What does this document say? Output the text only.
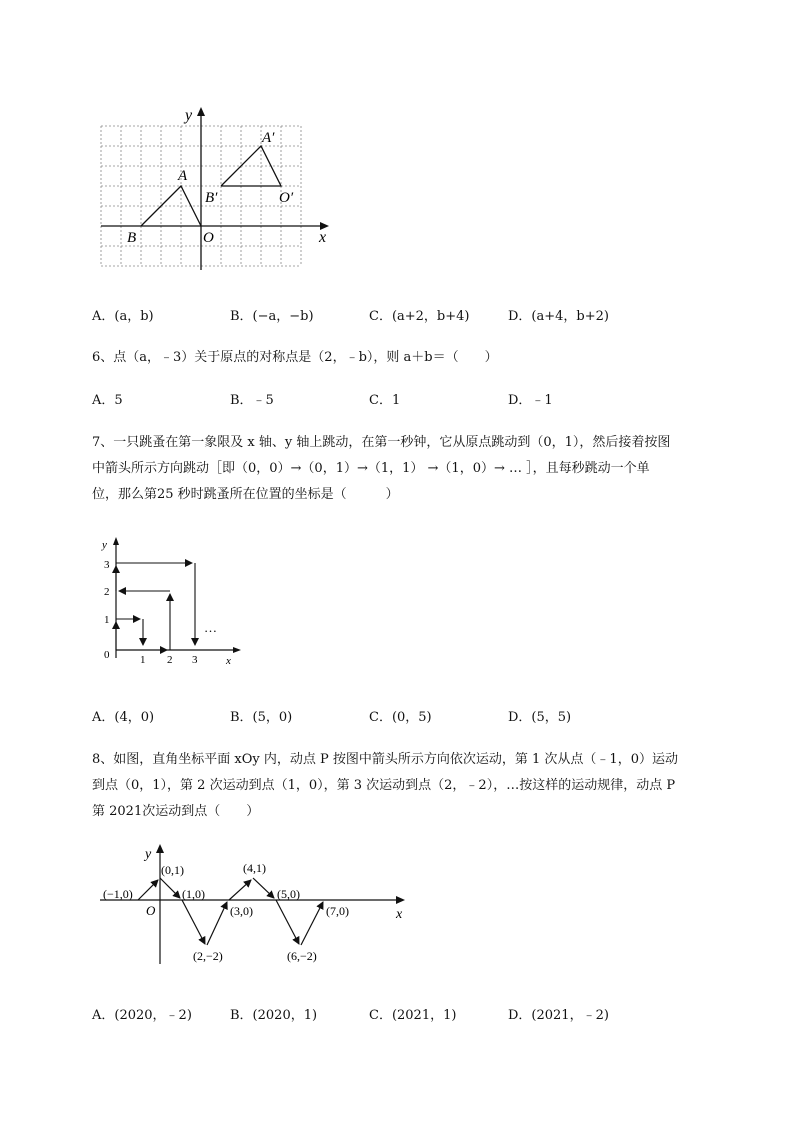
y
x
O
A
B
A′
B′	O′
A．(a，b)	B．(−a，−b)	C．(a+2，b+4)	D．(a+4，b+2)
6、点（a，﹣3）关于原点的对称点是（2，﹣b），则 a＋b＝（　　）
A．5	B．﹣5	C．1	D．﹣1
7、一只跳蚤在第一象限及 x 轴、y 轴上跳动，在第一秒钟，它从原点跳动到（0，1），然后接着按图
中箭头所示方向跳动［即（0，0）→（0，1）→（1，1） →（1，0）→ … ］，且每秒跳动一个单
位，那么第25 秒时跳蚤所在位置的坐标是（　　　）
y
x
0
1
2
3
1 2 3
…
A．(4，0)	B．(5，0)	C．(0，5)	D．(5，5)
8、如图，直角坐标平面 xOy 内，动点 P 按图中箭头所示方向依次运动，第 1 次从点（﹣1，0）运动
到点（0，1），第 2 次运动到点（1，0），第 3 次运动到点（2，﹣2），…按这样的运动规律，动点 P
第 2021次运动到点（　　）
y
x
O
(−1,0)
(0,1)
(1,0)
(2,−2)
(3,0)
(4,1)
(5,0)
(6,−2)
(7,0)
A．(2020，﹣2)	B．(2020，1)	C．(2021，1)	D．(2021，﹣2)
